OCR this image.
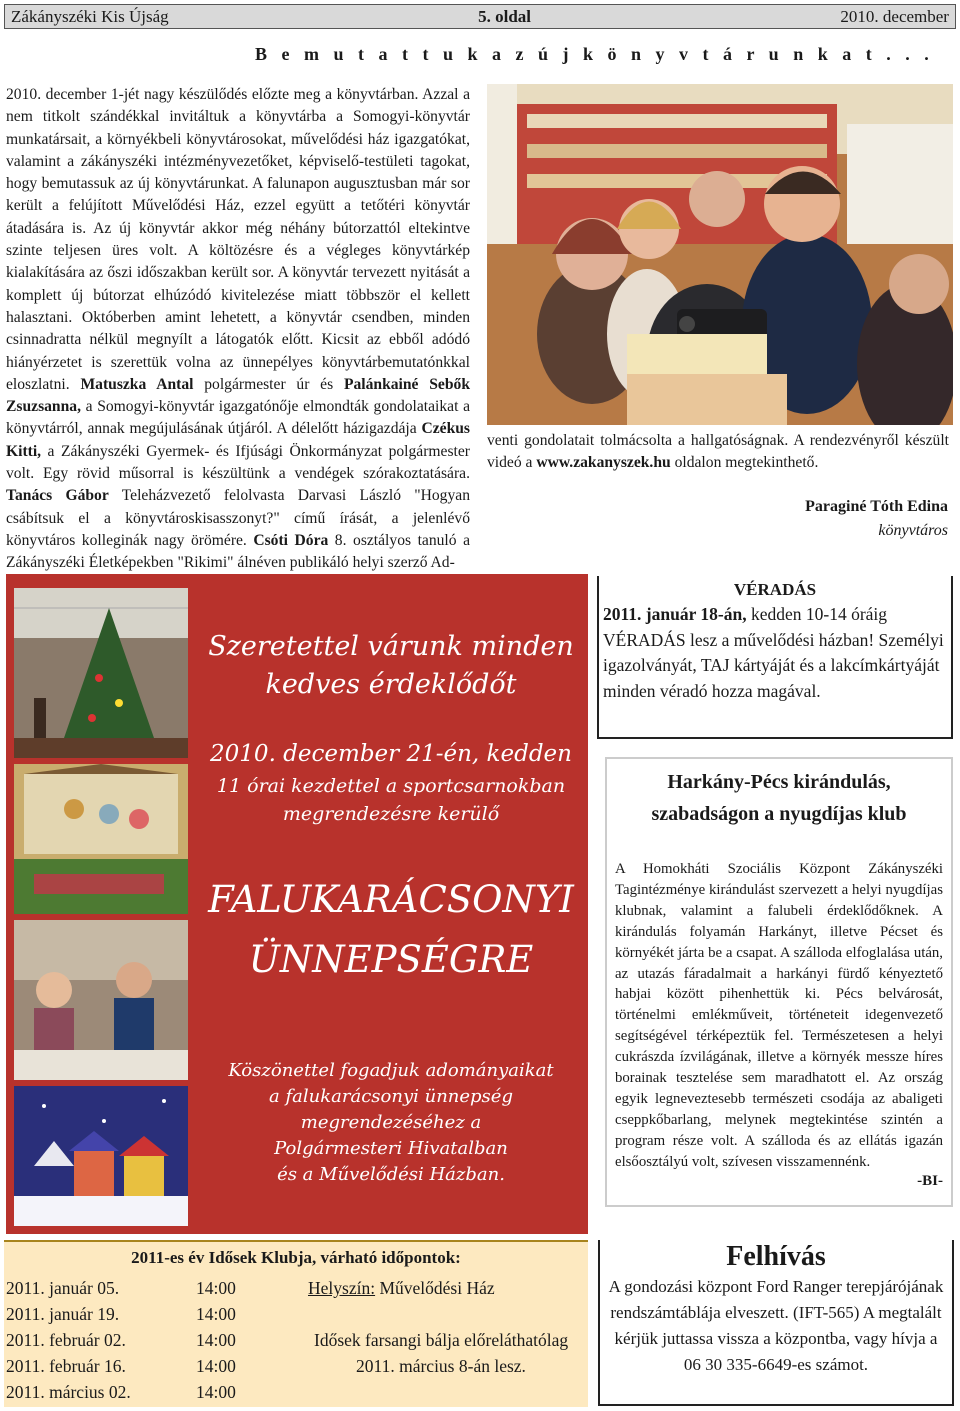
Zákányszéki Kis Újság	5. oldal	2010. december
B e m u t a t t u k a z ú j k ö n y v t á r u n k a t . . .
2010. december 1-jét nagy készülődés előzte meg a könyvtárban. Azzal a nem titkolt szándékkal invitáltuk a könyvtárba a Somogyi-könyvtár munkatársait, a környékbeli könyvtárosokat, művelődési ház igazgatókat, valamint a zákányszéki intézményvezetőket, képviselő-testületi tagokat, hogy bemutassuk az új könyvtárunkat. A falunapon augusztusban már sor került a felújított Művelődési Ház, ezzel együtt a tetőtéri könyvtár átadására is. Az új könyvtár akkor még néhány bútorzattól eltekintve szinte teljesen üres volt. A költözésre és a végleges könyvtárkép kialakítására az őszi időszakban került sor. A könyvtár tervezett nyitását a komplett új bútorzat elhúzódó kivitelezése miatt többször el kellett halasztani. Októberben amint lehetett, a könyvtár csendben, minden csinnadratta nélkül megnyílt a látogatók előtt. Kicsit az ebből adódó hiányérzetet is szerettük volna az ünnepélyes könyvtárbemutatónkkal eloszlatni. Matuszka Antal polgármester úr és Palánkainé Sebők Zsuzsanna, a Somogyi-könyvtár igazgatónője elmondták gondolataikat a könyvtárról, annak megújulásának útjáról. A délelőtt házigazdája Czékus Kitti, a Zákányszéki Gyermek- és Ifjúsági Önkormányzat polgármester volt. Egy rövid műsorral is készültünk a vendégek szórakoztatására. Tanács Gábor Teleházvezető felolvasta Darvasi László "Hogyan csábítsuk el a könyvtároskisasszonyt?" című írását, a jelenlévő könyvtáros kolleginák nagy örömére. Csóti Dóra 8. osztályos tanuló a Zákányszéki Életképekben "Rikimi" álnéven publikáló helyi szerző Ad-
venti gondolatait tolmácsolta a hallgatóságnak. A rendezvényről készült videó a www.zakanyszek.hu oldalon megtekinthető.
Paraginé Tóth Edina
könyvtáros
Szeretettel várunk minden
kedves érdeklődőt
2010. december 21-én, kedden
11 órai kezdettel a sportcsarnokban
megrendezésre kerülő
FALUKARÁCSONYI
ÜNNEPSÉGRE
Köszönettel fogadjuk adományaikat
a falukarácsonyi ünnepség megrendezéséhez a
Polgármesteri Hivatalban
és a Művelődési Házban.
VÉRADÁS
2011. január 18-án, kedden 10-14 óráig VÉRADÁS lesz a művelődési házban! Személyi igazolványát, TAJ kártyáját és a lakcímkártyáját minden véradó hozza magával.
Harkány-Pécs kirándulás,
szabadságon a nyugdíjas klub
A Homokháti Szociális Központ Zákányszéki Tagintézménye kirándulást szervezett a helyi nyugdíjas klubnak, valamint a falubeli érdeklődőknek. A kirándulás folyamán Harkányt, illetve Pécset és környékét járta be a csapat. A szálloda elfoglalása után, az utazás fáradalmait a harkányi fürdő kényeztető habjai között pihenhettük ki. Pécs belvárosát, történelmi emlékműveit, történeteit idegenvezető segítségével térképeztük fel. Természetesen a helyi cukrászda ízvilágának, illetve a környék messze híres borainak tesztelése sem maradhatott el. Az ország egyik legneveztesebb természeti csodája az abaligeti cseppkőbarlang, melynek megtekintése szintén a program része volt. A szálloda és az ellátás igazán elsőosztályú volt, szívesen visszamennénk.
-BI-
2011-es év Idősek Klubja, várható időpontok:
2011. január 05.	14:00
2011. január 19.	14:00
2011. február 02.	14:00
2011. február 16.	14:00
2011. március 02.	14:00
Helyszín: Művelődési Ház
Idősek farsangi bálja előreláthatólag
2011. március 8-án lesz.
Felhívás
A gondozási központ Ford Ranger terepjárójának rendszámtáblája elveszett. (IFT-565) A megtalált kérjük juttassa vissza a központba, vagy hívja a 06 30 335-6649-es számot.
